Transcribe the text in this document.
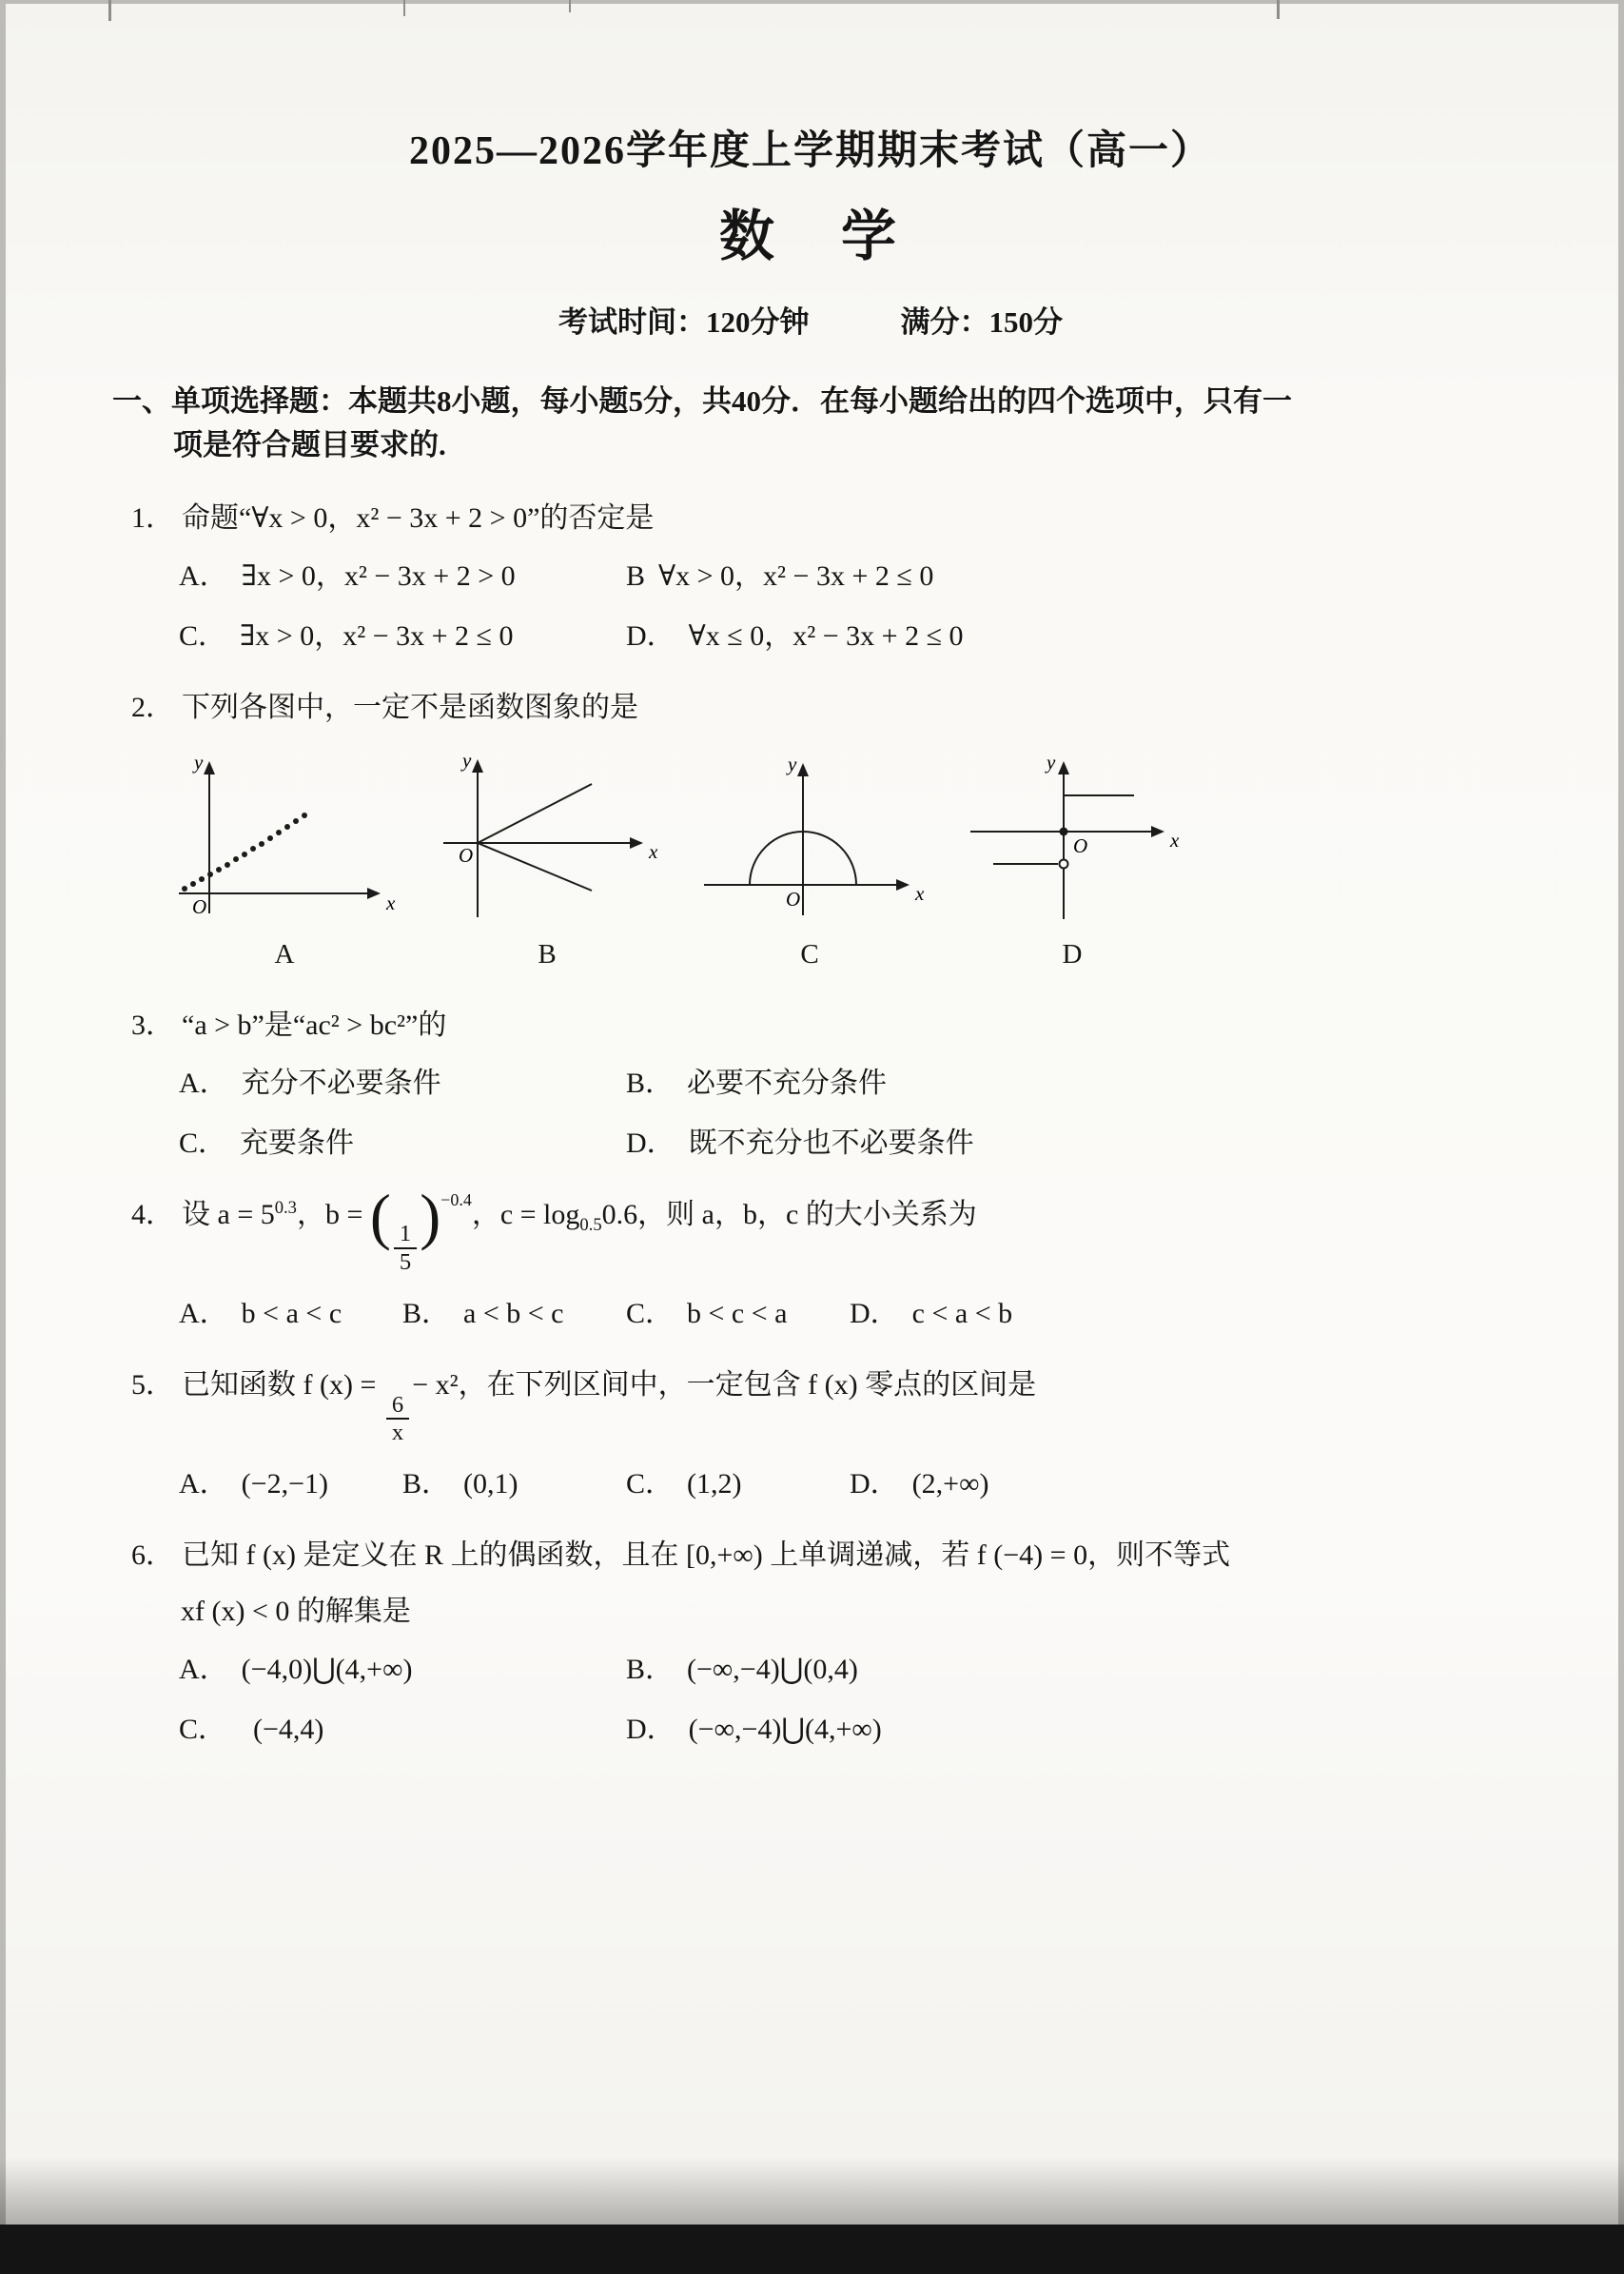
2025—2026学年度上学期期末考试（高一）
数　学
考试时间：120分钟	满分：150分
一、单项选择题：本题共8小题，每小题5分，共40分．在每小题给出的四个选项中，只有一
项是符合题目要求的.
1． 命题“∀x > 0，x² − 3x + 2 > 0”的否定是
A． ∃x > 0，x² − 3x + 2 > 0	B ∀x > 0，x² − 3x + 2 ≤ 0
C． ∃x > 0，x² − 3x + 2 ≤ 0	D． ∀x ≤ 0，x² − 3x + 2 ≤ 0
2． 下列各图中，一定不是函数图象的是
y
x
O
A
y
x
O
B
y
x
O
C
y
x
O
D
3． “a > b”是“ac² > bc²”的
A． 充分不必要条件	B． 必要不充分条件
C． 充要条件	D． 既不充分也不必要条件
4． 设 $a = 5^{0.3}$，b = ( $\frac{1}{5} )^{-0.4}$，$c = \log_{0.5}0.6$，则 a，b，c 的大小关系为
A． b < a < c	B． a < b < c	C． b < c < a	D． c < a < b
5． 已知函数 f (x) =
$\frac{6}{x}$
− x²，在下列区间中，一定包含 f (x) 零点的区间是
A． (−2,−1)	B． (0,1)	C． (1,2)	D． (2,+∞)
6． 已知 f (x) 是定义在 R 上的偶函数，且在 [0,+∞) 上单调递减，若 f (−4) = 0，则不等式
xf (x) < 0 的解集是
A． (−4,0)⋃(4,+∞)	B． (−∞,−4)⋃(0,4)
C． (−4,4)	D． (−∞,−4)⋃(4,+∞)
